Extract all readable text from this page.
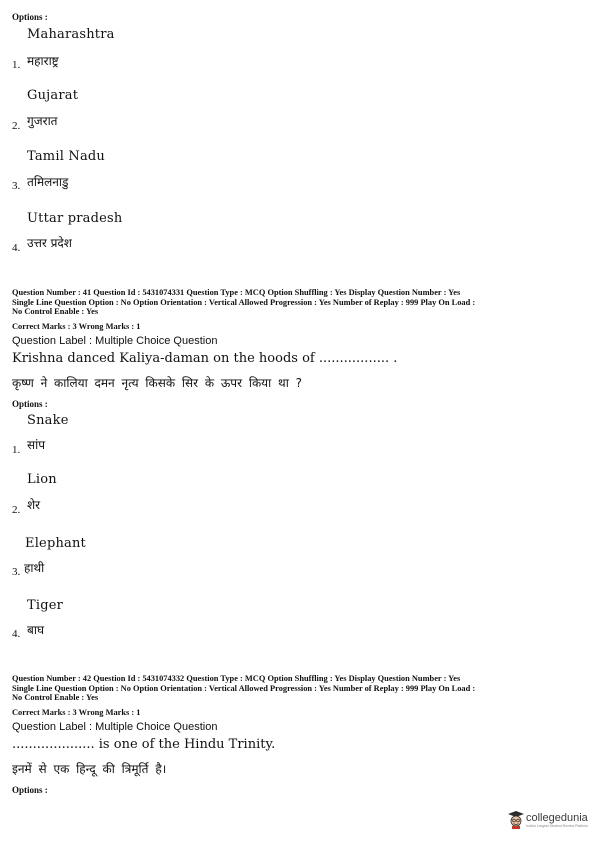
Options :
Maharashtra
1. महाराष्ट्र
Gujarat
2. गुजरात
Tamil Nadu
3. तमिलनाडु
Uttar pradesh
4. उत्तर प्रदेश
Question Number : 41 Question Id : 5431074331 Question Type : MCQ Option Shuffling : Yes Display Question Number : Yes
Single Line Question Option : No Option Orientation : Vertical Allowed Progression : Yes Number of Replay : 999 Play On Load :
No Control Enable : Yes
Correct Marks : 3 Wrong Marks : 1
Question Label : Multiple Choice Question
Krishna danced Kaliya-daman on the hoods of ................. .
कृष्ण ने कालिया दमन नृत्य किसके सिर के ऊपर किया था ?
Options :
Snake
1. सांप
Lion
2. शेर
Elephant
3. हाथी
Tiger
4. बाघ
Question Number : 42 Question Id : 5431074332 Question Type : MCQ Option Shuffling : Yes Display Question Number : Yes
Single Line Question Option : No Option Orientation : Vertical Allowed Progression : Yes Number of Replay : 999 Play On Load :
No Control Enable : Yes
Correct Marks : 3 Wrong Marks : 1
Question Label : Multiple Choice Question
.................... is one of the Hindu Trinity.
इनमें से एक हिन्दू की त्रिमूर्ति है।
Options :
collegedunia
India's Largest Student Review Platform
